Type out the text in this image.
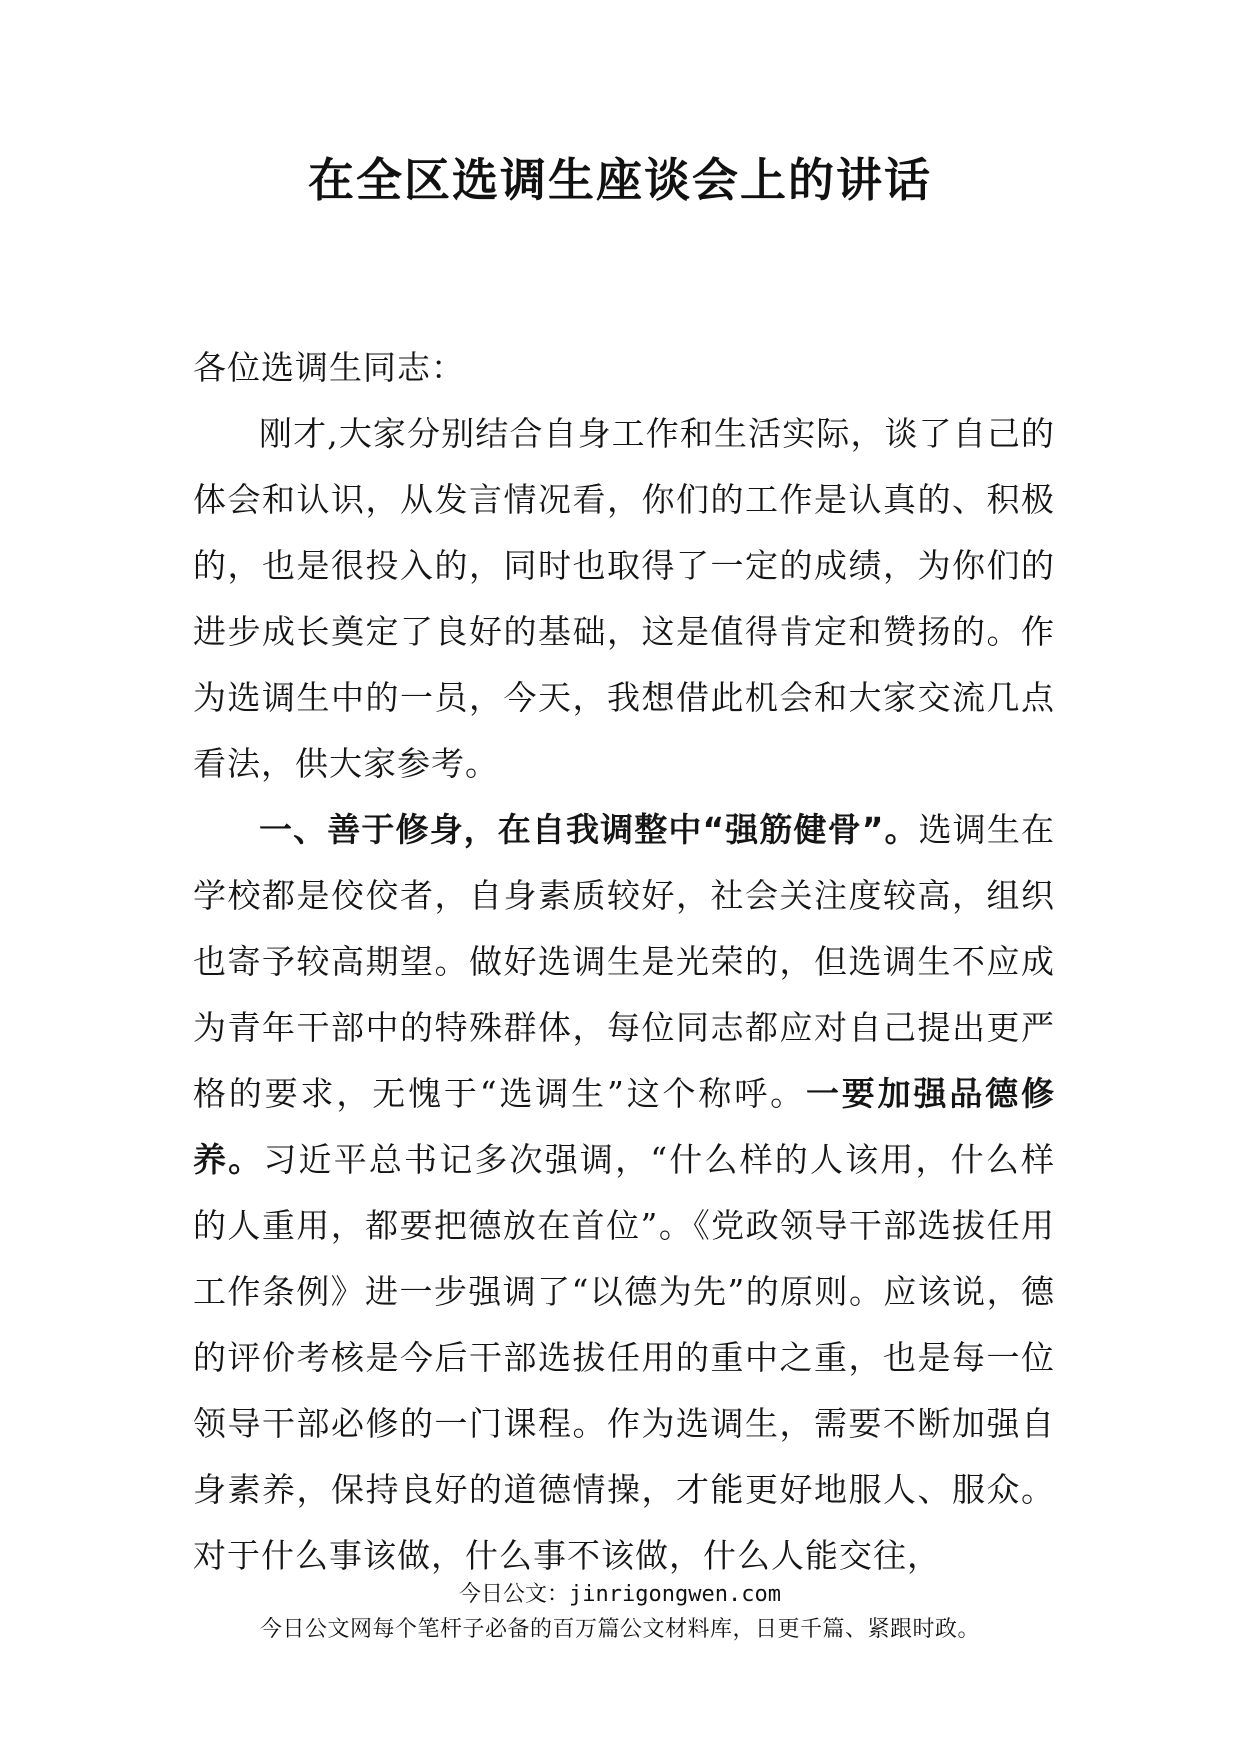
在全区选调生座谈会上的讲话

各位选调生同志：

刚才,大家分别结合自身工作和生活实际，谈了自己的体会和认识，从发言情况看，你们的工作是认真的、积极的，也是很投入的，同时也取得了一定的成绩，为你们的进步成长奠定了良好的基础，这是值得肯定和赞扬的。作为选调生中的一员，今天，我想借此机会和大家交流几点看法，供大家参考。

一、善于修身，在自我调整中“强筋健骨”。选调生在学校都是佼佼者，自身素质较好，社会关注度较高，组织也寄予较高期望。做好选调生是光荣的，但选调生不应成为青年干部中的特殊群体，每位同志都应对自己提出更严格的要求，无愧于“选调生”这个称呼。一要加强品德修养。习近平总书记多次强调，“什么样的人该用，什么样的人重用，都要把德放在首位”。《党政领导干部选拔任用工作条例》进一步强调了“以德为先”的原则。应该说，德的评价考核是今后干部选拔任用的重中之重，也是每一位领导干部必修的一门课程。作为选调生，需要不断加强自身素养，保持良好的道德情操，才能更好地服人、服众。对于什么事该做，什么事不该做，什么人能交往，

今日公文：jinrigongwen.com
今日公文网每个笔杆子必备的百万篇公文材料库，日更千篇、紧跟时政。
